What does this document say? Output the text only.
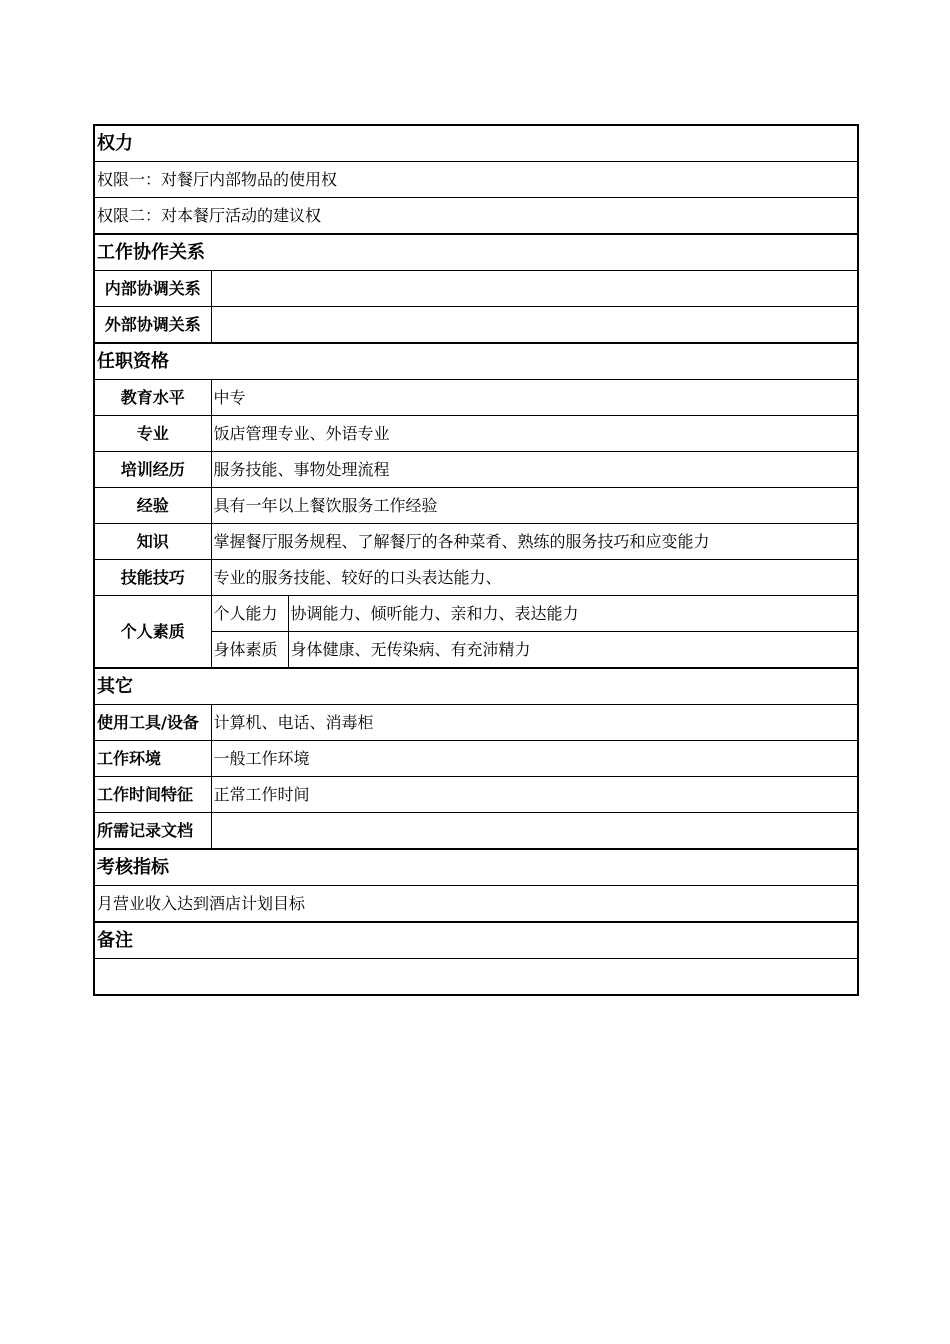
权力		
权限一：对餐厅内部物品的使用权		
权限二：对本餐厅活动的建议权		
工作协作关系		
内部协调关系		
外部协调关系		
任职资格		
教育水平	中专	
专业	饭店管理专业、外语专业	
培训经历	服务技能、事物处理流程	
经验	具有一年以上餐饮服务工作经验	
知识	掌握餐厅服务规程、了解餐厅的各种菜肴、熟练的服务技巧和应变能力	
技能技巧	专业的服务技能、较好的口头表达能力、	
个人素质	个人能力	协调能力、倾听能力、亲和力、表达能力
	身体素质	身体健康、无传染病、有充沛精力
其它		
使用工具/设备	计算机、电话、消毒柜	
工作环境	一般工作环境	
工作时间特征	正常工作时间	
所需记录文档		
考核指标		
月营业收入达到酒店计划目标		
备注		
